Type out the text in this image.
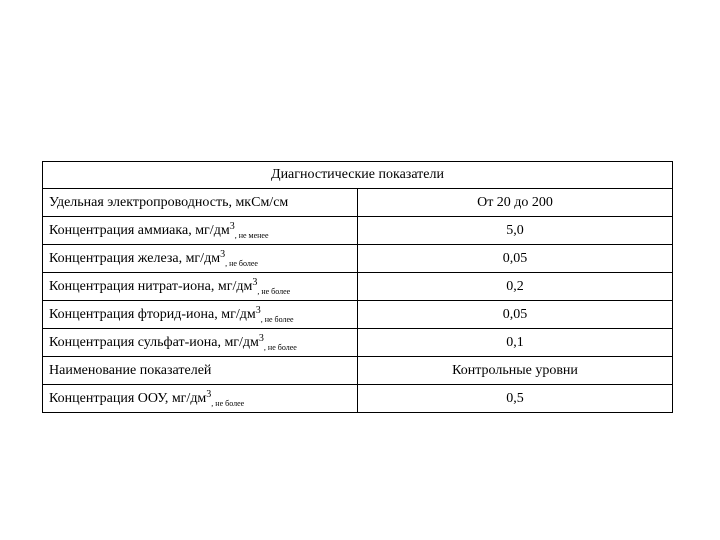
Диагностические показатели	
Удельная электропроводность, мкСм/см	От 20 до 200
Концентрация аммиака, $мг/дм^3_{, не менее}$	5,0
Концентрация железа, $мг/дм^3_{, не более}$	0,05
Концентрация нитрат-иона, $мг/дм^3_{, не более}$	0,2
Концентрация фторид-иона, $мг/дм^3_{, не более}$	0,05
Концентрация сульфат-иона, $мг/дм^3_{, не более}$	0,1
Наименование показателей	Контрольные уровни
Концентрация ООУ, $мг/дм^3_{, не более}$	0,5
